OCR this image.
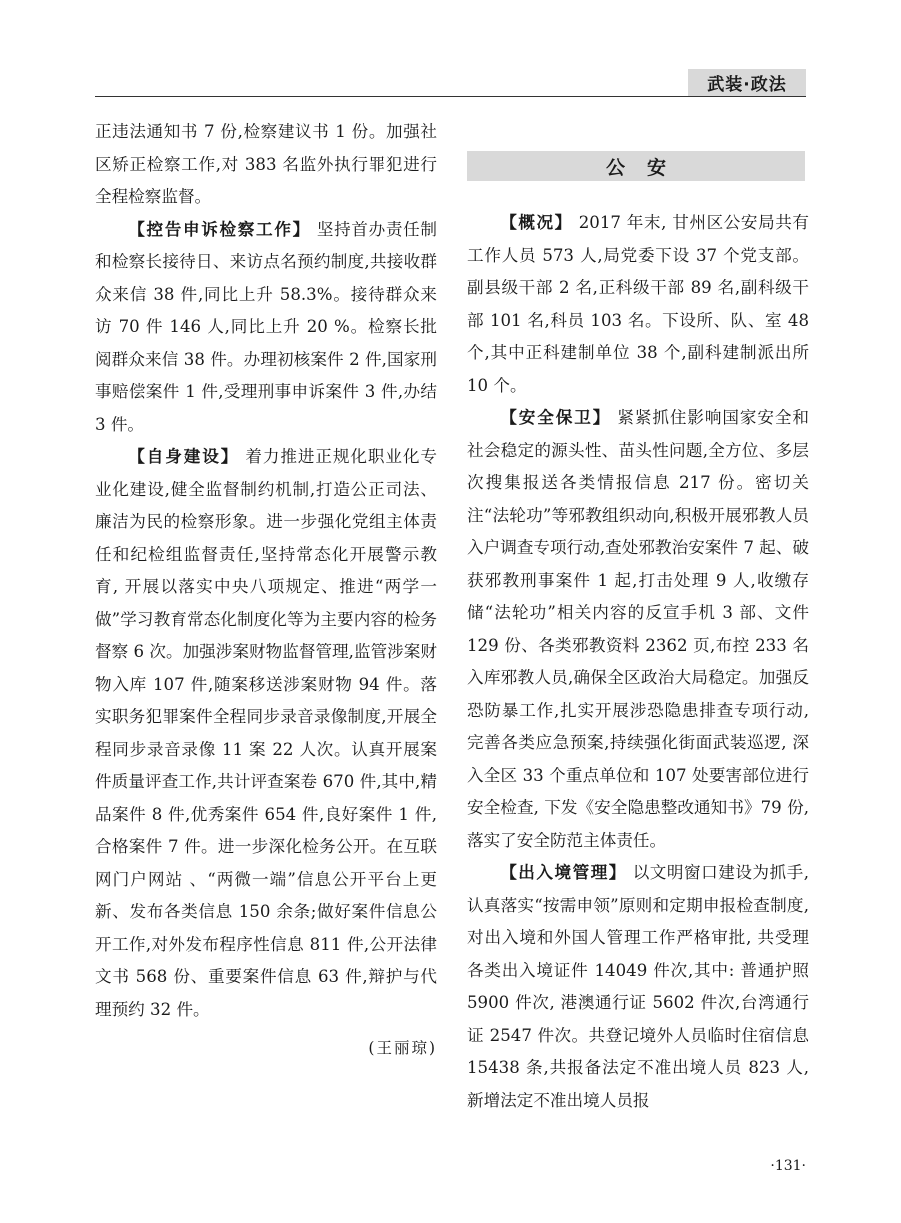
武装·政法

正违法通知书 7 份,检察建议书 1 份。加强社区矫正检察工作,对 383 名监外执行罪犯进行全程检察监督。

【控告申诉检察工作】 坚持首办责任制和检察长接待日、来访点名预约制度,共接收群众来信 38 件,同比上升 58.3%。接待群众来访 70 件 146 人,同比上升 20 %。检察长批阅群众来信 38 件。办理初核案件 2 件,国家刑事赔偿案件 1 件,受理刑事申诉案件 3 件,办结 3 件。

【自身建设】 着力推进正规化职业化专业化建设,健全监督制约机制,打造公正司法、廉洁为民的检察形象。进一步强化党组主体责任和纪检组监督责任,坚持常态化开展警示教育, 开展以落实中央八项规定、推进“两学一做”学习教育常态化制度化等为主要内容的检务督察 6 次。加强涉案财物监督管理,监管涉案财物入库 107 件,随案移送涉案财物 94 件。落实职务犯罪案件全程同步录音录像制度,开展全程同步录音录像 11 案 22 人次。认真开展案件质量评查工作,共计评查案卷 670 件,其中,精品案件 8 件,优秀案件 654 件,良好案件 1 件,合格案件 7 件。进一步深化检务公开。在互联网门户网站 、“两微一端”信息公开平台上更新、发布各类信息 150 余条;做好案件信息公开工作,对外发布程序性信息 811 件,公开法律文书 568 份、重要案件信息 63 件,辩护与代理预约 32 件。

(王丽琼)

公安

【概况】 2017 年末, 甘州区公安局共有工作人员 573 人,局党委下设 37 个党支部。副县级干部 2 名,正科级干部 89 名,副科级干部 101 名,科员 103 名。下设所、队、室 48 个,其中正科建制单位 38 个,副科建制派出所 10 个。

【安全保卫】 紧紧抓住影响国家安全和社会稳定的源头性、苗头性问题,全方位、多层次搜集报送各类情报信息 217 份。密切关注“法轮功”等邪教组织动向,积极开展邪教人员入户调查专项行动,查处邪教治安案件 7 起、破获邪教刑事案件 1 起,打击处理 9 人,收缴存储“法轮功”相关内容的反宣手机 3 部、文件 129 份、各类邪教资料 2362 页,布控 233 名入库邪教人员,确保全区政治大局稳定。加强反恐防暴工作,扎实开展涉恐隐患排查专项行动,完善各类应急预案,持续强化街面武装巡逻, 深入全区 33 个重点单位和 107 处要害部位进行安全检查, 下发《安全隐患整改通知书》79 份,落实了安全防范主体责任。

【出入境管理】 以文明窗口建设为抓手,认真落实“按需申领”原则和定期申报检查制度,对出入境和外国人管理工作严格审批, 共受理各类出入境证件 14049 件次,其中: 普通护照 5900 件次, 港澳通行证 5602 件次,台湾通行证 2547 件次。共登记境外人员临时住宿信息 15438 条,共报备法定不准出境人员 823 人,新增法定不准出境人员报

·131·
